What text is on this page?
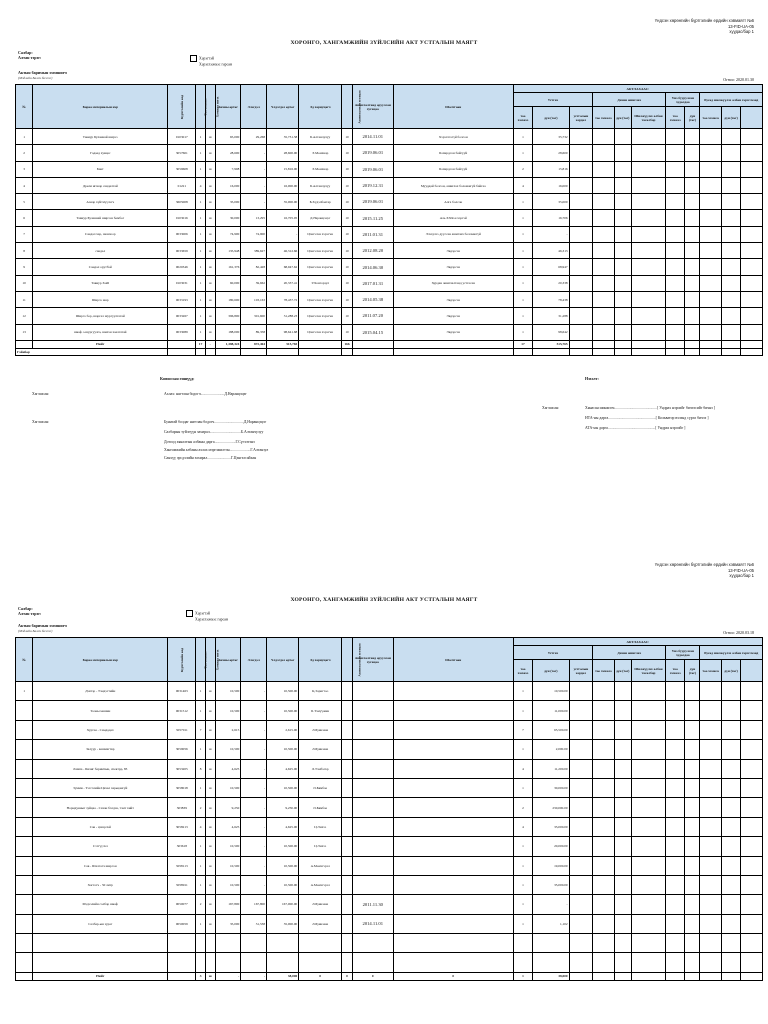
Үндсэн хөрөнгийн бүртгэлийн ердийн хэвмаягт №6
13-FID-UA-05
хуудас/бар 1
ХОРОНГО, ХАНГАМЖИЙН ЗҮЙЛСИЙН АКТ УСТГАЛЫН МАЯГТ
Салбар:
Алтан тэрэг:	Хэрэгтэй
Хэрэглээнээс гарсан
Актын баримын эзэмшигч
(Мэдлийн Балоч бичээс)	Огноо: 2020.01.30
№	Бараа материалын нэр	Бүртгэлийн код	Тоо хэмжээ	Хэмжих нэгж	Анхны өртөг	Элэгдэл	Үлдэгдэл өртөг	Эд хариуцагч	Ашиглалтын хугацаа	Ашиглалтанд оруулсан хугацаа	Шалтгаан	АКТЛАХААС:										
												Устгах			Дахин ашиглах			Үнэ буурулсан худалдаа		Бусад шилжүүлэх албан хэрэглээнд		
												тоо хэмжээ	дүн (төг)	устгалын зардал	тоо хэмжээ	дүн (төг)	Шилжүүлэх албан тасалбар	тоо хэмжээ	дүн (төг)	тоо хэмжээ	дүн (төг)	
1	Тавиур Буланнай ширээ	0103017	1	ш	65,000	29,268	35,731.58	Б.Алтанчулуу	10	2014.11.01	Хэрэглээгүй болсон	1	35,732									
2	Гадаад хувцас	3057601	1	ш	28,600	-	28,600.00	Э.Мөнхнар	10	2019.06.01	Бохирдсон байгууй	1	28,600									
3	Бант	3059608	1	ш	7,908	-	15,816.00	Э.Мөнхнар	10	2019.06.01	Бохирдсон байгууй	2	15,816									
4	Дрели иглаар сандалтай	01221	4	ш	16,000	-	16,000.00	Б.Алтанчулуу	10	2019.12.31	Мууддай болсон, ашиглах боломжгүй байгаа	4	16,000									
5	Ачаар хүйтнүүлэгч	3605008	1	ш	35,000	-	35,000.00	Б.Хүдэлбаатар	10	2019.06.01	Алга болсон	1	35,000									
6	Тавиур Буланнай ширээн бөмбөг	0103016	1	ш	30,000	13,295	16,705.05	Д.Наранцэцэг	10	2015.11.25	Аль ХХЯ-н хэргэй	1	16,706									
7	Сандал хар, шонхоор	0033006	1	ш	74,900	74,900	-	Цэнгэлэн хэрэгчн	10	2011.01.31	Элэгдлээ дууссан ашиглах боломжгүй	1	-									
8	сандал	0033659	1	ш	135,948	389,627	46,312.66	Цэнгэлэн хэрэгчн	10	2012.08.20	Эвдэрсэн	1	46,313									
9	Сандал орутбэй	0020346	1	ш	161,376	82,428	68,947.62	Цэнгэлэн хэрэгчн	10	2014.06.30	Эвдэрсэн	1	68,947									
10	Тавиур ХАБ	0103031	1	ш	60,000	39,662	20,337.41	У.Хонгорзул	10	2017.01.31	Хурдан ашиглалтанд устгасан	1	20,338									
11	Ширээ шар	0033193	1	ш	180,600	103,163	78,437.72	Цэнгэлэн хэрэгчн	10	2014.05.38	Эвдэрсэн	1	78,438									
12	Ширээ бор, шаргал шургуулгатай	0033267	1	ш	396,800	301,600	31,288.23	Цэнгэлэн хэрэгчн	10	2011.07.20	Эвдэрсэн	1	31,288									
13	шкаф о.шургуулга, шилэн хаалгатай	0033089	1	ш	188,000	89,358	98,641.68	Цэнгэлэн хэрэгчн	10	2015.04.15	Эвдэрсэн	1	98,642									
	Нийт		17	-	1,388,324	872,464	515,765		166			17	515,765									
Гэйнбөр																						
Комиссын гишүүд:	Нэхэлт:
Хагэшсан:	Ахлах: нягтлан бодогч.........................Д.Наранцэцэг
Хагэшсан:	Буянтай болдаг нягтлан бодогч...............................Д.Наранцэцэг
Салбарын туйлгүүн захирал.................................Б.Алтанчулуу
Дотоод хяналтын албаны дарга......................Г.Сүгэлтэнэ
Хангамжийн албаны ахлах мэргэжилтэн......................Г.Алтанзул
Санхүү эрсдэлийн захирал.........................Г.Цэнгэлсайхан
Хагэшсан:	Хянасан шинжээч.............................................[ Ундрах нэрсийг бичээсийг бичнэ ]
НТА-ны дарга..................................................[ Кольватор вэлэнд сүрэл бичээ ]
АТА-ны дарга..................................................[ Ундрах нэрсийг ]
Үндсэн хөрөнгийн бүртгэлийн ердийн хэвмаягт №6
13-FID-UA-05
хуудас/бар 1
ХОРОНГО, ХАНГАМЖИЙН ЗҮЙЛСИЙН АКТ УСТГАЛЫН МАЯГТ
Салбар:
Алтан тэрэг:	Хэрэгтэй
Хэрэглээнээс гарсан
Актын баримын эзэмшигч
(Мэдлийн Балоч бичээс)	Огноо: 2020.03.18
№	Бараа материалын нэр	Бүртгэлийн код	Тоо хэмжээ	Хэмжих нэгж	Анхны өртөг	Элэгдэл	Үлдэгдэл өртөг	Эд хариуцагч	Ашиглалтын хугацаа	Ашиглалтанд оруулсан хугацаа	Шалтгаан	АКТЛАХААС:										
												Устгах			Дахин ашиглах			Үнэ буурулсан худалдаа		Бусад шилжүүлэх албан хэрэглээнд		
												тоо хэмжээ	дүн (төг)	устгалын зардал	тоо хэмжээ	дүн (төг)	Шилжүүлэх албан тасалбар	тоо хэмжээ	дүн (төг)	тоо хэмжээ	дүн (төг)	
1	Дэвтэр - Тэмдэгтийн	0031463	1	ш	10,500	-	10,500.00	Қ.Зоригтоо				1	10,500.00									
	Тооны машин	0031512	1	ш	10,500	-	10,500.00	Б.Тэмүүжин				1	11,000.00									
	Хуртаа - Самдадах	3057011	7	ш	2,615	-	2,615.00	Л.Буянзаяа				7	65,500.00									
	Залуур - вашмагтвр	3059056	1	ш	10,500	-	10,500.00	Л.Буянзаяа				1	2,000.00									
	Лампа - Бичиг баримтын, спектрр, 83	3053205	8	ш	4,625	-	4,625.00	Л.Тэмбэлэр				4	11,200.00									
	Зумми - Тэгсэлийн Цахал харьцангуй	3058018	1	ш	10,500	-	10,500.00	Ө.Бямбаа				1	30,000.00									
	Нормдунныг зуйцаа - Сахан бэлдэв, тэмт хийт	303839	2	ш	9,250	-	9,250.00	Ө.Бямбаа				2	230,000.00									
	Сав - цэвэрлэй	3058213	4	ш	4,625	-	4,625.00	Ц.Энхээ				4	33,000.00									
	Сэтгүүлэл	303618	1	ш	10,500	-	10,500.00	Ц.Энхээ				1	20,000.00									
	Сав - Шалгагч ширээн	3058113	1	ш	10,500	-	10,500.00	А.Мөнхгэрэл				1	19,000.00									
	Хогтогч - 50 литр	3058911	1	ш	10,500	-	10,500.00	А.Мөнхгэрэл				1	35,000.00									
	Мэдээлийн салбар шкаф	0050077	2	ш	167,800	167,800	167,000.00	Л.Буянзаяа		2011.11.30		1	-									
	Салбар-ын зураг	0050059	1	ш	35,000	31,538	35,000.00	Л.Буянзаяа		2014.11.01		1	1,102									

	Нийт		3	ш	-	-	38,000	0	0	0	0	1	38,000									
